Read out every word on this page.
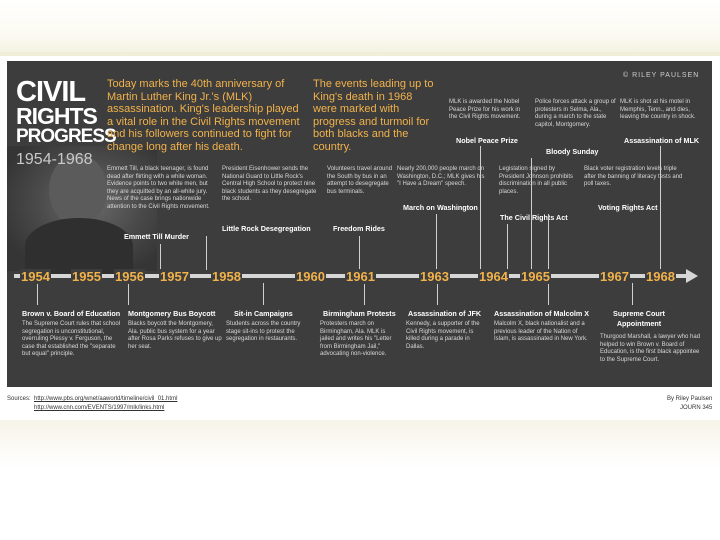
© RILEY PAULSEN
CIVIL
RIGHTS
PROGRESS
1954-1968
Today marks the 40th anniversary of Martin Luther King Jr.'s (MLK) assassination. King's leadership played a vital role in the Civil Rights movement and his followers continued to fight for change long after his death.
The events leading up to King's death in 1968 were marked with progress and turmoil for both blacks and the country.
Emmett Till, a black teenager, is found dead after flirting with a white woman. Evidence points to two white men, but they are acquitted by an all-white jury. News of the case brings nationwide attention to the Civil Rights movement.
Emmett Till Murder
President Eisenhower sends the National Guard to Little Rock's Central High School to protect nine black students as they desegregate the school.
Little Rock Desegregation
Volunteers travel around the South by bus in an attempt to desegregate bus terminals.
Freedom Rides
Nearly 200,000 people march on Washington, D.C.; MLK gives his "I Have a Dream" speech.
March on Washington
MLK is awarded the Nobel Peace Prize for his work in the Civil Rights movement.
Nobel Peace Prize
Legislation signed by President Johnson prohibits discrimination in all public places.
The Civil Rights Act
Police forces attack a group of protesters in Selma, Ala., during a march to the state capitol, Montgomery.
Bloody Sunday
Black voter registration levels triple after the banning of literacy tests and poll taxes.
Voting Rights Act
MLK is shot at his motel in Memphis, Tenn., and dies, leaving the country in shock.
Assassination of MLK
1954 1955 1956 1957 1958	1960 1961	1963 1964 1965	1967 1968
Brown v. Board of Education
The Supreme Court rules that school segregation is unconstitutional, overruling Plessy v. Ferguson, the case that established the "separate but equal" principle.
Montgomery Bus Boycott
Blacks boycott the Montgomery, Ala. public bus system for a year after Rosa Parks refuses to give up her seat.
Sit-in Campaigns
Students across the country stage sit-ins to protest the segregation in restaurants.
Birmingham Protests
Protesters march on Birmingham, Ala. MLK is jailed and writes his "Letter from Birmingham Jail," advocating non-violence.
Assassination of JFK
Kennedy, a supporter of the Civil Rights movement, is killed during a parade in Dallas.
Assassination of Malcolm X
Malcolm X, black nationalist and a previous leader of the Nation of Islam, is assassinated in New York.
Supreme Court Appointment
Thurgood Marshall, a lawyer who had helped to win Brown v. Board of Education, is the first black appointee to the Supreme Court.
Sources: http://www.pbs.org/wnet/aaworld/timeline/civil_01.html
http://www.cnn.com/EVENTS/1997/mlk/links.html
By Riley Paulsen
JOURN 345
